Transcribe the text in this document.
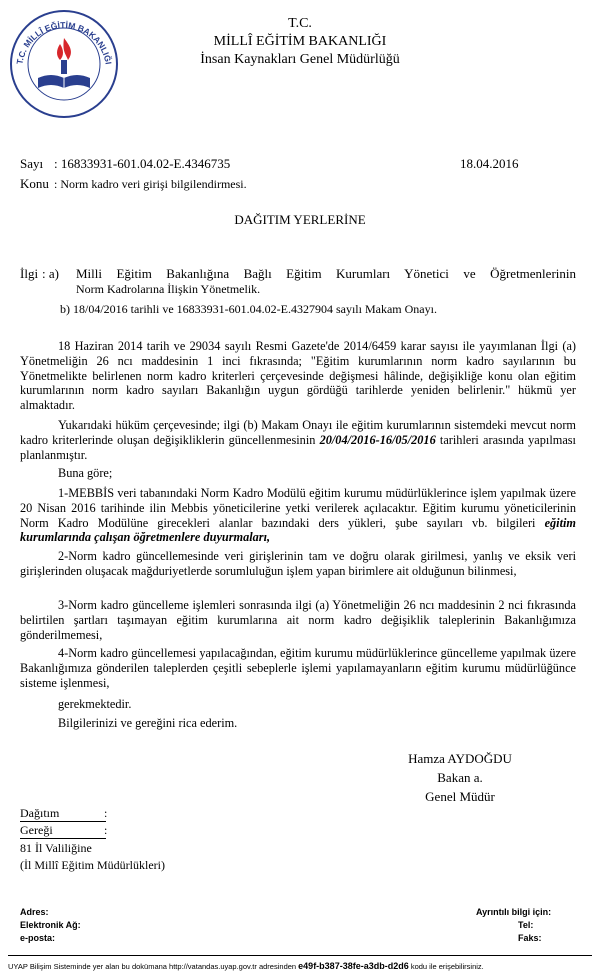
T.C. MİLLÎ EĞİTİM BAKANLIĞI
T.C.
MİLLÎ EĞİTİM BAKANLIĞI
İnsan Kaynakları Genel Müdürlüğü
Sayı : 16833931-601.04.02-E.4346735	18.04.2016
Konu : Norm kadro veri girişi bilgilendirmesi.
DAĞITIM YERLERİNE
İlgi : a) Milli Eğitim Bakanlığına Bağlı Eğitim Kurumları Yönetici ve Öğretmenlerinin
Norm Kadrolarına İlişkin Yönetmelik.
b) 18/04/2016 tarihli ve 16833931-601.04.02-E.4327904 sayılı Makam Onayı.
18 Haziran 2014 tarih ve 29034 sayılı Resmi Gazete'de 2014/6459 karar sayısı ile yayımlanan İlgi (a) Yönetmeliğin 26 ncı maddesinin 1 inci fıkrasında; "Eğitim kurumlarının norm kadro sayılarının bu Yönetmelikte belirlenen norm kadro kriterleri çerçevesinde değişmesi hâlinde, değişikliğe konu olan eğitim kurumlarının norm kadro sayıları Bakanlığın uygun gördüğü tarihlerde yeniden belirlenir." hükmü yer almaktadır.
Yukarıdaki hüküm çerçevesinde; ilgi (b) Makam Onayı ile eğitim kurumlarının sistemdeki mevcut norm kadro kriterlerinde oluşan değişikliklerin güncellenmesinin 20/04/2016-16/05/2016 tarihleri arasında yapılması planlanmıştır.
Buna göre;
1-MEBBİS veri tabanındaki Norm Kadro Modülü eğitim kurumu müdürlüklerince işlem yapılmak üzere 20 Nisan 2016 tarihinde ilin Mebbis yöneticilerine yetki verilerek açılacaktır. Eğitim kurumu yöneticilerinin Norm Kadro Modülüne girecekleri alanlar bazındaki ders yükleri, şube sayıları vb. bilgileri eğitim kurumlarında çalışan öğretmenlere duyurmaları,
2-Norm kadro güncellemesinde veri girişlerinin tam ve doğru olarak girilmesi, yanlış ve eksik veri girişlerinden oluşacak mağduriyetlerde sorumluluğun işlem yapan birimlere ait olduğunun bilinmesi,
3-Norm kadro güncelleme işlemleri sonrasında ilgi (a) Yönetmeliğin 26 ncı maddesinin 2 nci fıkrasında belirtilen şartları taşımayan eğitim kurumlarına ait norm kadro değişiklik taleplerinin Bakanlığımıza gönderilmemesi,
4-Norm kadro güncellemesi yapılacağından, eğitim kurumu müdürlüklerince güncelleme yapılmak üzere Bakanlığımıza gönderilen taleplerden çeşitli sebeplerle işlemi yapılamayanların eğitim kurumu müdürlüğünce sisteme işlenmesi,
gerekmektedir.
Bilgilerinizi ve gereğini rica ederim.
Hamza AYDOĞDU
Bakan a.
Genel Müdür
Dağıtım	:
Gereği	:
81 İl Valiliğine
(İl Millî Eğitim Müdürlükleri)
Adres:
Elektronik Ağ:
e-posta:
Ayrıntılı bilgi için:
Tel:
Faks:
UYAP Bilişim Sisteminde yer alan bu dokümana http://vatandas.uyap.gov.tr adresinden e49f-b387-38fe-a3db-d2d6 kodu ile erişebilirsiniz.
